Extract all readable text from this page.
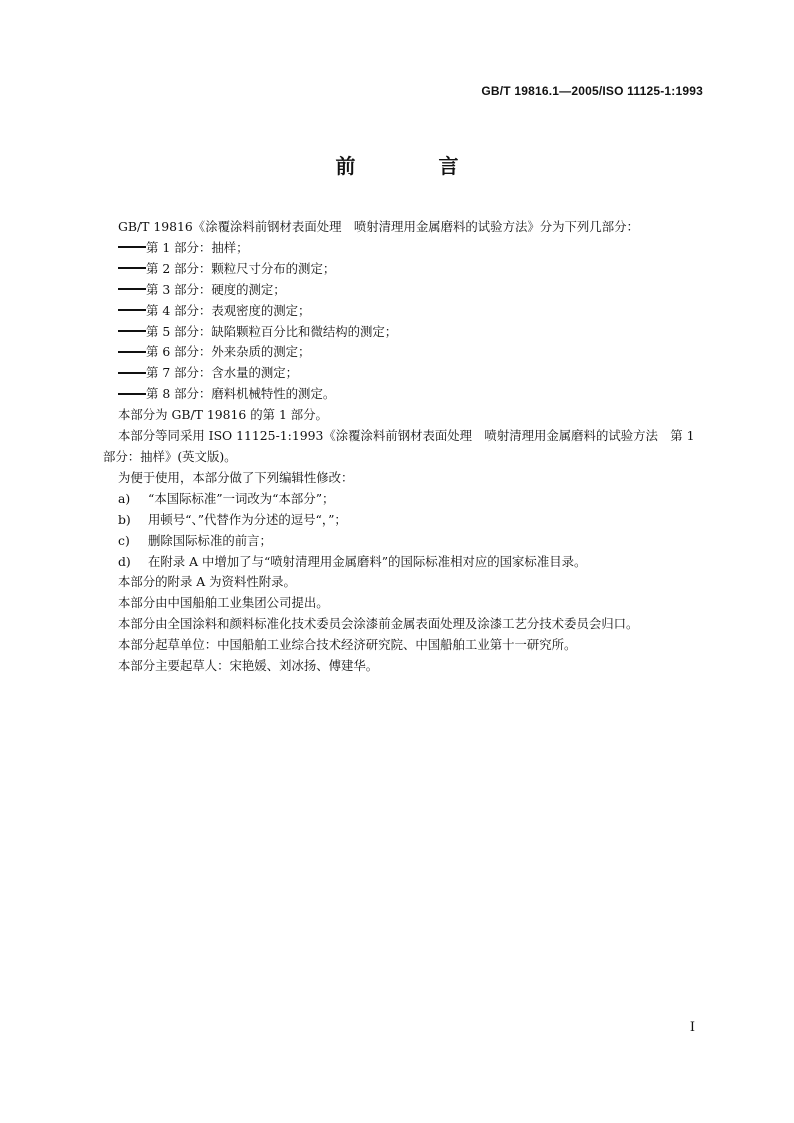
GB/T 19816.1—2005/ISO 11125-1:1993
前 言

GB/T 19816《涂覆涂料前钢材表面处理　喷射清理用金属磨料的试验方法》分为下列几部分：

第 1 部分：抽样；

第 2 部分：颗粒尺寸分布的测定；

第 3 部分：硬度的测定；

第 4 部分：表观密度的测定；

第 5 部分：缺陷颗粒百分比和微结构的测定；

第 6 部分：外来杂质的测定；

第 7 部分：含水量的测定；

第 8 部分：磨料机械特性的测定。

本部分为 GB/T 19816 的第 1 部分。

本部分等同采用 ISO 11125-1:1993《涂覆涂料前钢材表面处理　喷射清理用金属磨料的试验方法　第 1 部分：抽样》(英文版)。

为便于使用，本部分做了下列编辑性修改：

a) “本国际标准”一词改为“本部分”；

b) 用顿号“、”代替作为分述的逗号“，”；

c) 删除国际标准的前言；

d) 在附录 A 中增加了与“喷射清理用金属磨料”的国际标准相对应的国家标准目录。

本部分的附录 A 为资料性附录。

本部分由中国船舶工业集团公司提出。

本部分由全国涂料和颜料标准化技术委员会涂漆前金属表面处理及涂漆工艺分技术委员会归口。

本部分起草单位：中国船舶工业综合技术经济研究院、中国船舶工业第十一研究所。

本部分主要起草人：宋艳媛、刘冰扬、傅建华。

I
